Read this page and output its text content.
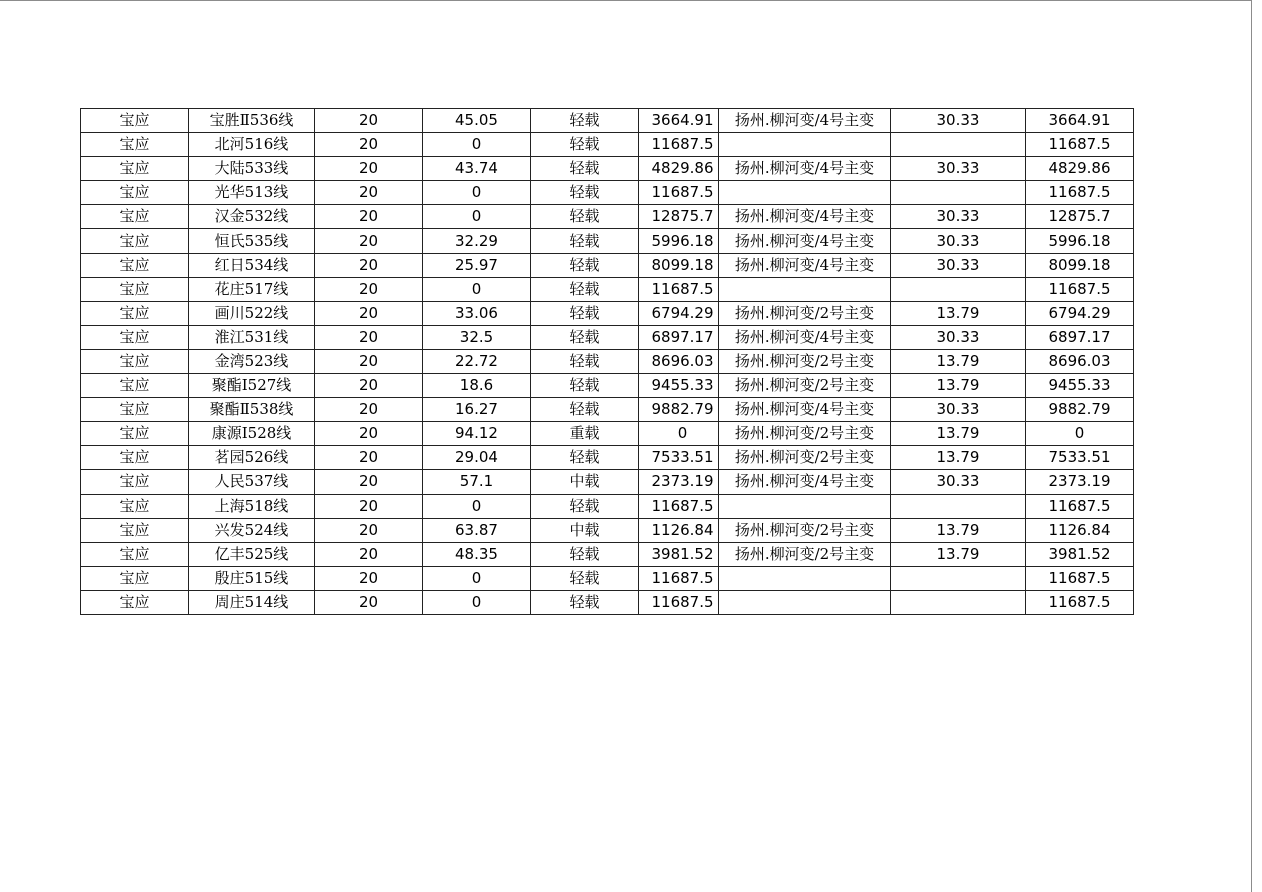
宝应	宝胜Ⅱ536线	20	45.05	轻载	3664.91	扬州.柳河变/4号主变	30.33	3664.91
宝应	北河516线	20	0	轻载	11687.5			11687.5
宝应	大陆533线	20	43.74	轻载	4829.86	扬州.柳河变/4号主变	30.33	4829.86
宝应	光华513线	20	0	轻载	11687.5			11687.5
宝应	汉金532线	20	0	轻载	12875.7	扬州.柳河变/4号主变	30.33	12875.7
宝应	恒氏535线	20	32.29	轻载	5996.18	扬州.柳河变/4号主变	30.33	5996.18
宝应	红日534线	20	25.97	轻载	8099.18	扬州.柳河变/4号主变	30.33	8099.18
宝应	花庄517线	20	0	轻载	11687.5			11687.5
宝应	画川522线	20	33.06	轻载	6794.29	扬州.柳河变/2号主变	13.79	6794.29
宝应	淮江531线	20	32.5	轻载	6897.17	扬州.柳河变/4号主变	30.33	6897.17
宝应	金湾523线	20	22.72	轻载	8696.03	扬州.柳河变/2号主变	13.79	8696.03
宝应	聚酯Ⅰ527线	20	18.6	轻载	9455.33	扬州.柳河变/2号主变	13.79	9455.33
宝应	聚酯Ⅱ538线	20	16.27	轻载	9882.79	扬州.柳河变/4号主变	30.33	9882.79
宝应	康源Ⅰ528线	20	94.12	重载	0	扬州.柳河变/2号主变	13.79	0
宝应	茗园526线	20	29.04	轻载	7533.51	扬州.柳河变/2号主变	13.79	7533.51
宝应	人民537线	20	57.1	中载	2373.19	扬州.柳河变/4号主变	30.33	2373.19
宝应	上海518线	20	0	轻载	11687.5			11687.5
宝应	兴发524线	20	63.87	中载	1126.84	扬州.柳河变/2号主变	13.79	1126.84
宝应	亿丰525线	20	48.35	轻载	3981.52	扬州.柳河变/2号主变	13.79	3981.52
宝应	殷庄515线	20	0	轻载	11687.5			11687.5
宝应	周庄514线	20	0	轻载	11687.5			11687.5
